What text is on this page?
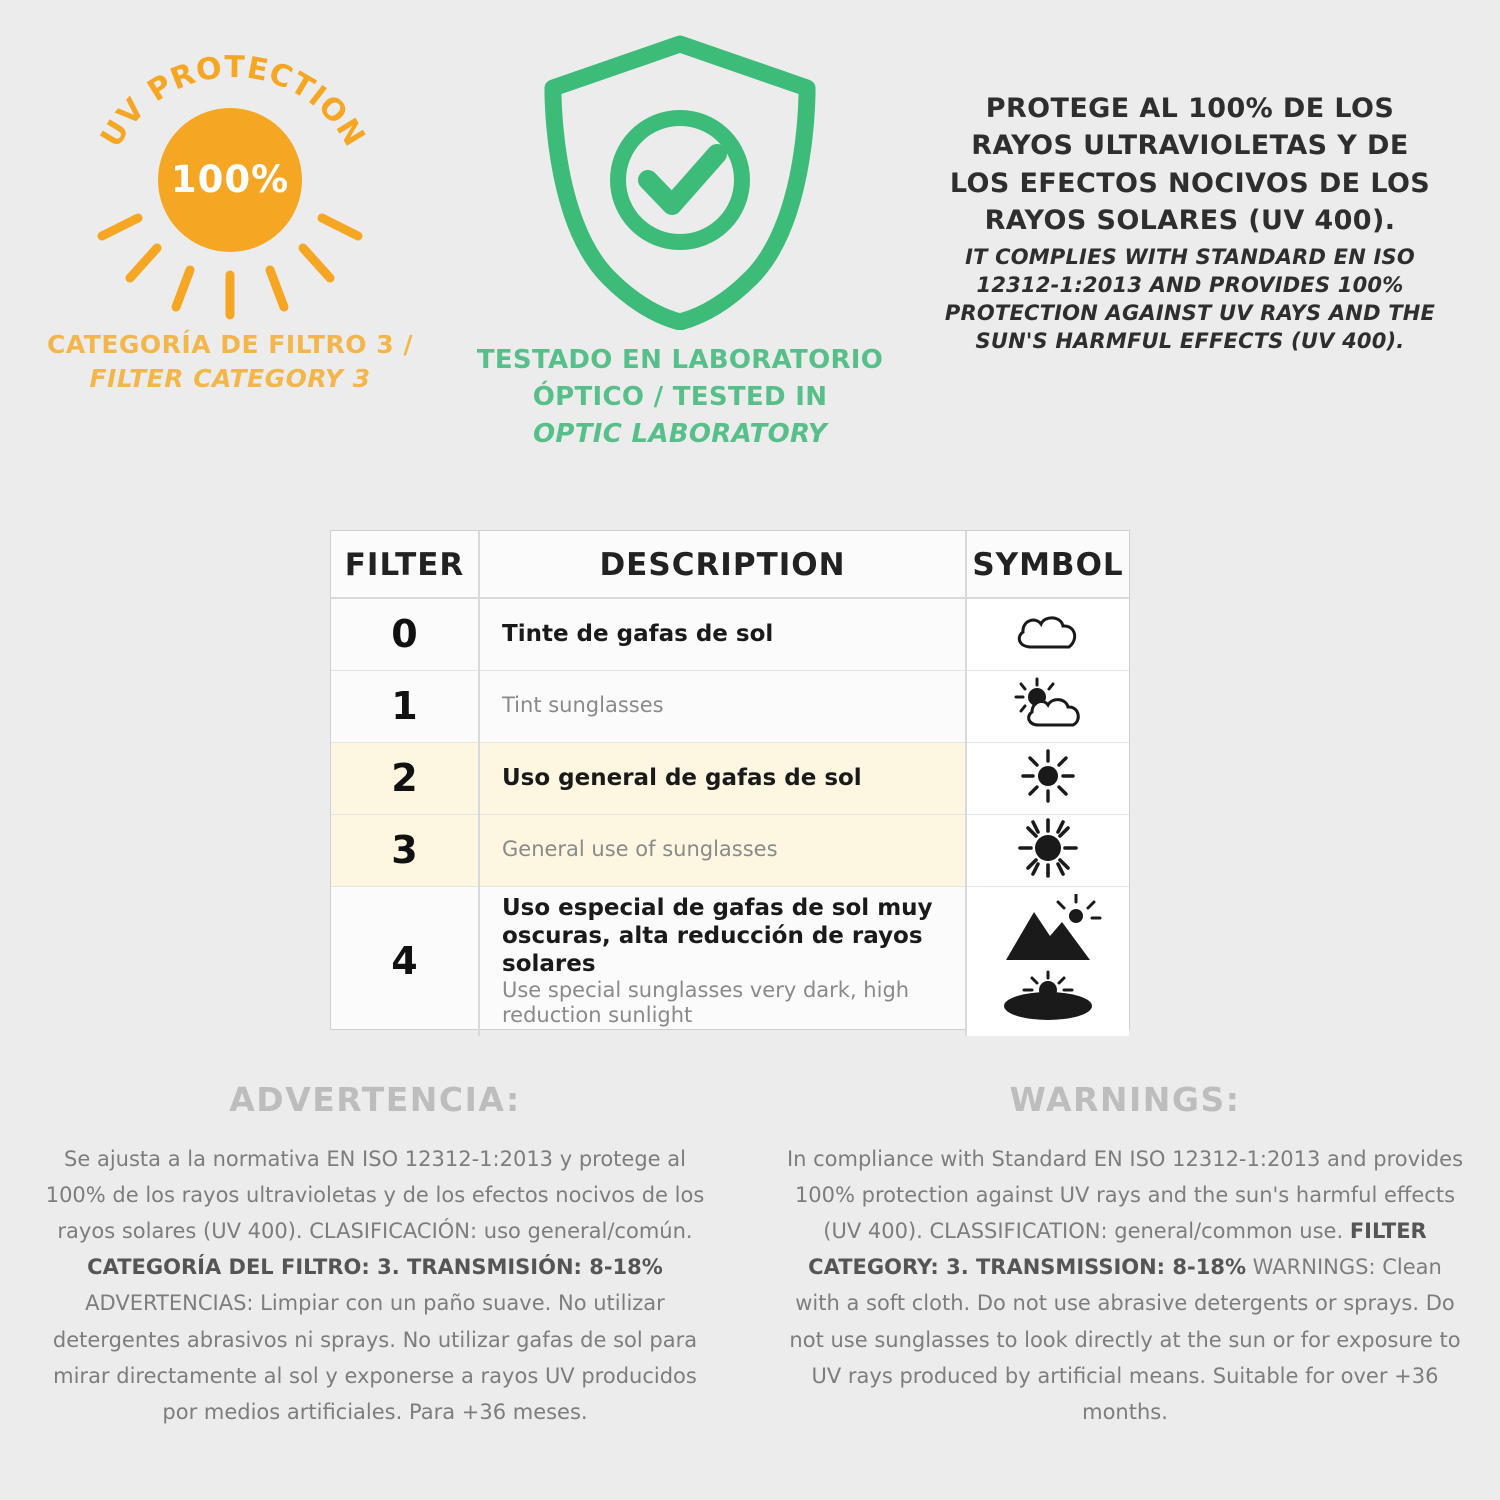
UV PROTECTION
100%
CATEGORÍA DE FILTRO 3 /
FILTER CATEGORY 3
TESTADO EN LABORATORIO
ÓPTICO / TESTED IN
OPTIC LABORATORY
PROTEGE AL 100% DE LOS RAYOS ULTRAVIOLETAS Y DE LOS EFECTOS NOCIVOS DE LOS RAYOS SOLARES (UV 400).
IT COMPLIES WITH STANDARD EN ISO 12312-1:2013 AND PROVIDES 100% PROTECTION AGAINST UV RAYS AND THE SUN'S HARMFUL EFFECTS (UV 400).
FILTER	DESCRIPTION	SYMBOL
0	Tinte de gafas de sol

1	Tint sunglasses

2	Uso general de gafas de sol

3	General use of sunglasses

4	Uso especial de gafas de sol muy oscuras, alta reducción de rayos solares
Use special sunglasses very dark, high reduction sunlight

ADVERTENCIA:
Se ajusta a la normativa EN ISO 12312-1:2013 y protege al 100% de los rayos ultravioletas y de los efectos nocivos de los rayos solares (UV 400). CLASIFICACIÓN: uso general/común. CATEGORÍA DEL FILTRO: 3. TRANSMISIÓN: 8-18% ADVERTENCIAS: Limpiar con un paño suave. No utilizar detergentes abrasivos ni sprays. No utilizar gafas de sol para mirar directamente al sol y exponerse a rayos UV producidos por medios artificiales. Para +36 meses.
WARNINGS:
In compliance with Standard EN ISO 12312-1:2013 and provides 100% protection against UV rays and the sun's harmful effects (UV 400). CLASSIFICATION: general/common use. FILTER CATEGORY: 3. TRANSMISSION: 8-18% WARNINGS: Clean with a soft cloth. Do not use abrasive detergents or sprays. Do not use sunglasses to look directly at the sun or for exposure to UV rays produced by artificial means. Suitable for over +36 months.
